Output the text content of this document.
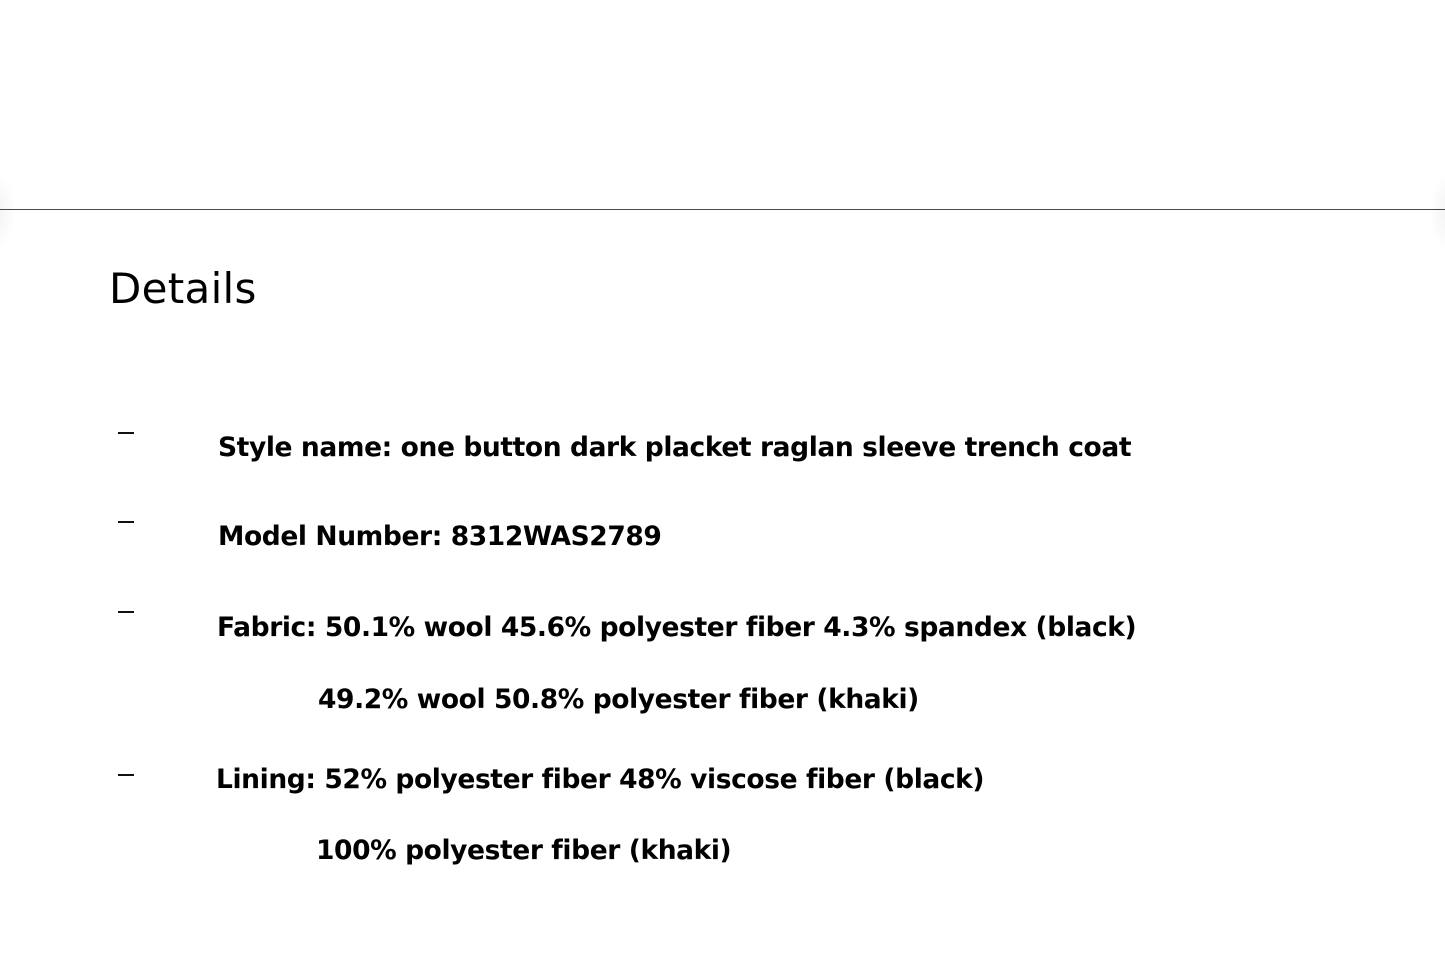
Details

Style name: one button dark placket raglan sleeve trench coat

Model Number: 8312WAS2789

Fabric: 50.1% wool 45.6% polyester fiber 4.3% spandex (black)

49.2% wool 50.8% polyester fiber (khaki)

Lining: 52% polyester fiber 48% viscose fiber (black)

100% polyester fiber (khaki)
